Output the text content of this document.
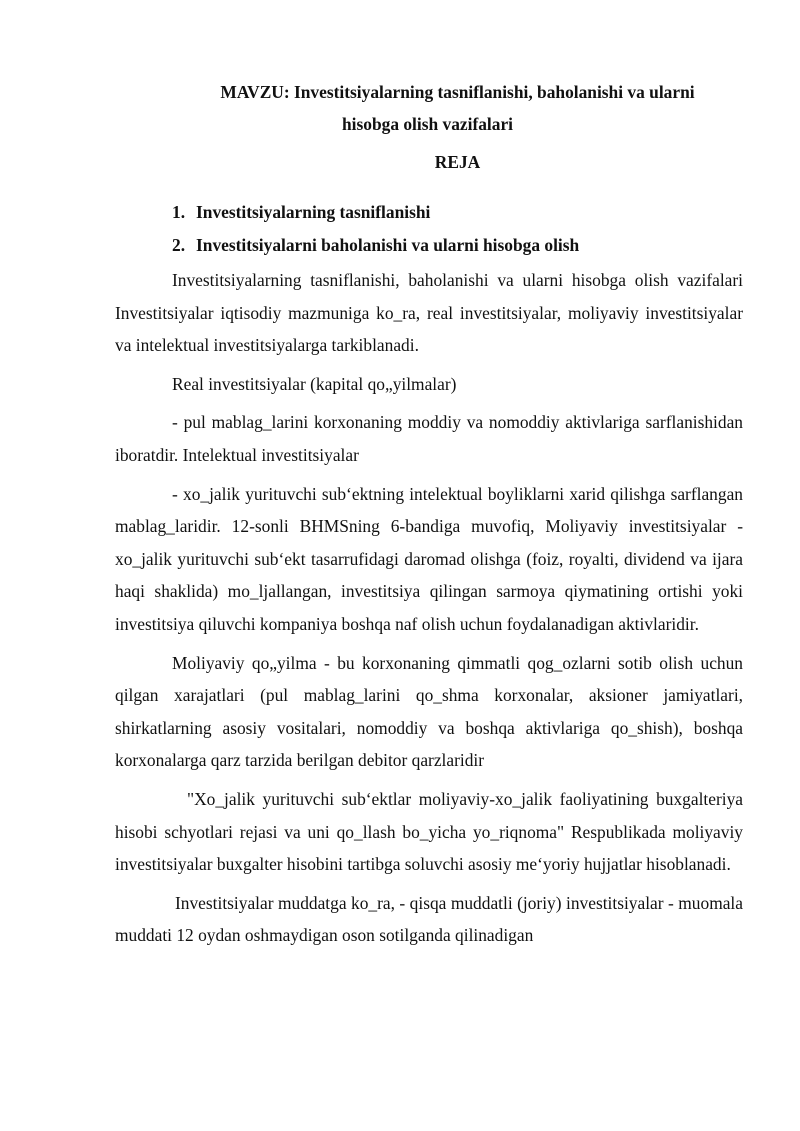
MAVZU: Investitsiyalarning tasniflanishi, baholanishi va ularni
hisobga olish vazifalari
REJA
1. Investitsiyalarning tasniflanishi
2. Investitsiyalarni baholanishi va ularni hisobga olish

Investitsiyalarning tasniflanishi, baholanishi va ularni hisobga olish vazifalari Investitsiyalar iqtisodiy mazmuniga ko_ra, real investitsiyalar, moliyaviy investitsiyalar va intelektual investitsiyalarga tarkiblanadi.

Real investitsiyalar (kapital qo„yilmalar)

- pul mablag_larini korxonaning moddiy va nomoddiy aktivlariga sarflanishidan iboratdir. Intelektual investitsiyalar

- xo_jalik yurituvchi sub‘ektning intelektual boyliklarni xarid qilishga sarflangan mablag_laridir. 12-sonli BHMSning 6-bandiga muvofiq, Moliyaviy investitsiyalar -xo_jalik yurituvchi sub‘ekt tasarrufidagi daromad olishga (foiz, royalti, dividend va ijara haqi shaklida) mo_ljallangan, investitsiya qilingan sarmoya qiymatining ortishi yoki investitsiya qiluvchi kompaniya boshqa naf olish uchun foydalanadigan aktivlaridir.

Moliyaviy qo„yilma - bu korxonaning qimmatli qog_ozlarni sotib olish uchun qilgan xarajatlari (pul mablag_larini qo_shma korxonalar, aksioner jamiyatlari, shirkatlarning asosiy vositalari, nomoddiy va boshqa aktivlariga qo_shish), boshqa korxonalarga qarz tarzida berilgan debitor qarzlaridir

"Xo_jalik yurituvchi sub‘ektlar moliyaviy-xo_jalik faoliyatining buxgalteriya hisobi schyotlari rejasi va uni qo_llash bo_yicha yo_riqnoma" Respublikada moliyaviy investitsiyalar buxgalter hisobini tartibga soluvchi asosiy me‘yoriy hujjatlar hisoblanadi.

Investitsiyalar muddatga ko_ra, - qisqa muddatli (joriy) investitsiyalar - muomala muddati 12 oydan oshmaydigan oson sotilganda qilinadigan
